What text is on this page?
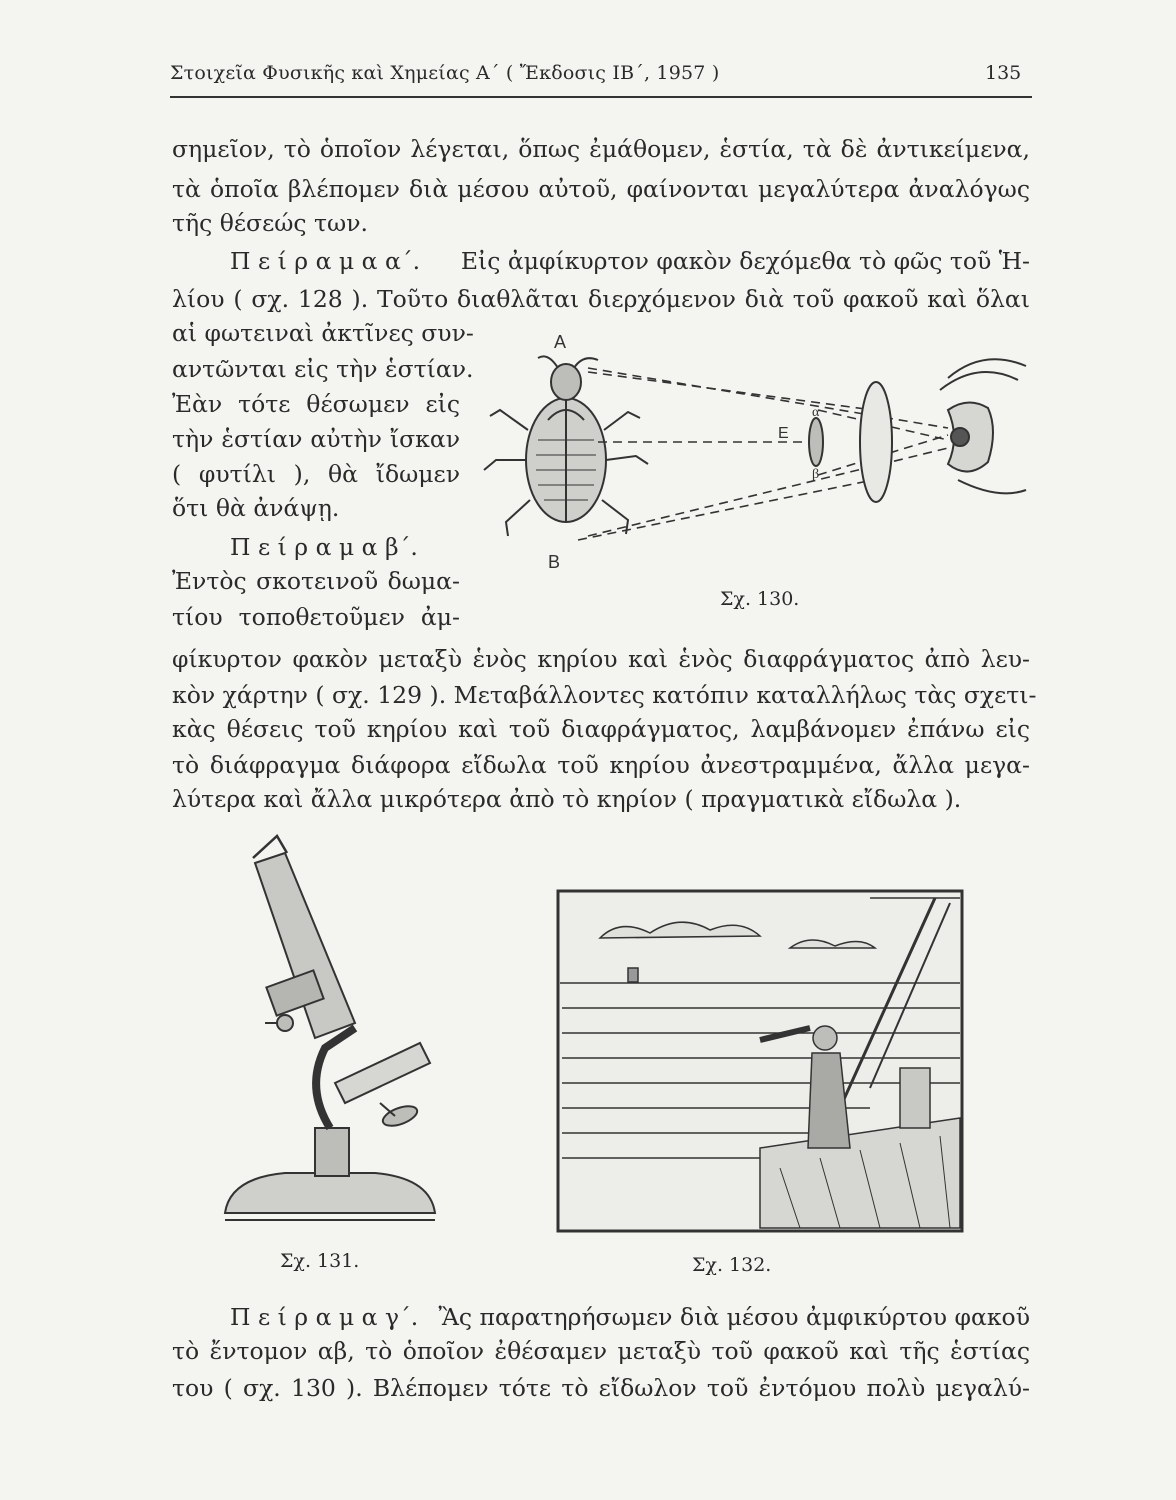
Στοιχεῖα Φυσικῆς καὶ Χημείας Α΄ ( Ἔκδοσις ΙΒ΄, 1957 )	135
σημεῖον, τὸ ὁποῖον λέγεται, ὅπως ἐμάθομεν, ἑστία, τὰ δὲ ἀντικείμενα,
τὰ ὁποῖα βλέπομεν διὰ μέσου αὐτοῦ, φαίνονται μεγαλύτερα ἀναλόγως
τῆς θέσεώς των.
Π ε ί ρ α μ α α΄. Εἰς ἀμφίκυρτον φακὸν δεχόμεθα τὸ φῶς τοῦ Ἡ-
λίου ( σχ. 128 ). Τοῦτο διαθλᾶται διερχόμενον διὰ τοῦ φακοῦ καὶ ὅλαι
αἱ φωτειναὶ ἀκτῖνες συν-
αντῶνται εἰς τὴν ἑστίαν.
Ἐὰν τότε θέσωμεν εἰς
τὴν ἑστίαν αὐτὴν ἴσκαν
( φυτίλι ), θὰ ἴδωμεν
ὅτι θὰ ἀνάψῃ.
Π ε ί ρ α μ α β΄.
Ἐντὸς σκοτεινοῦ δωμα-
τίου τοποθετοῦμεν ἀμ-
A
B
Ε
α
β
Σχ. 130.
φίκυρτον φακὸν μεταξὺ ἑνὸς κηρίου καὶ ἑνὸς διαφράγματος ἀπὸ λευ-
κὸν χάρτην ( σχ. 129 ). Μεταβάλλοντες κατόπιν καταλλήλως τὰς σχετι-
κὰς θέσεις τοῦ κηρίου καὶ τοῦ διαφράγματος, λαμβάνομεν ἐπάνω εἰς
τὸ διάφραγμα διάφορα εἴδωλα τοῦ κηρίου ἀνεστραμμένα, ἄλλα μεγα-
λύτερα καὶ ἄλλα μικρότερα ἀπὸ τὸ κηρίον ( πραγματικὰ εἴδωλα ).
Σχ. 131.	Σχ. 132.
Π ε ί ρ α μ α γ΄. Ἂς παρατηρήσωμεν διὰ μέσου ἀμφικύρτου φακοῦ
τὸ ἔντομον αβ, τὸ ὁποῖον ἐθέσαμεν μεταξὺ τοῦ φακοῦ καὶ τῆς ἑστίας
του ( σχ. 130 ). Βλέπομεν τότε τὸ εἴδωλον τοῦ ἐντόμου πολὺ μεγαλύ-
